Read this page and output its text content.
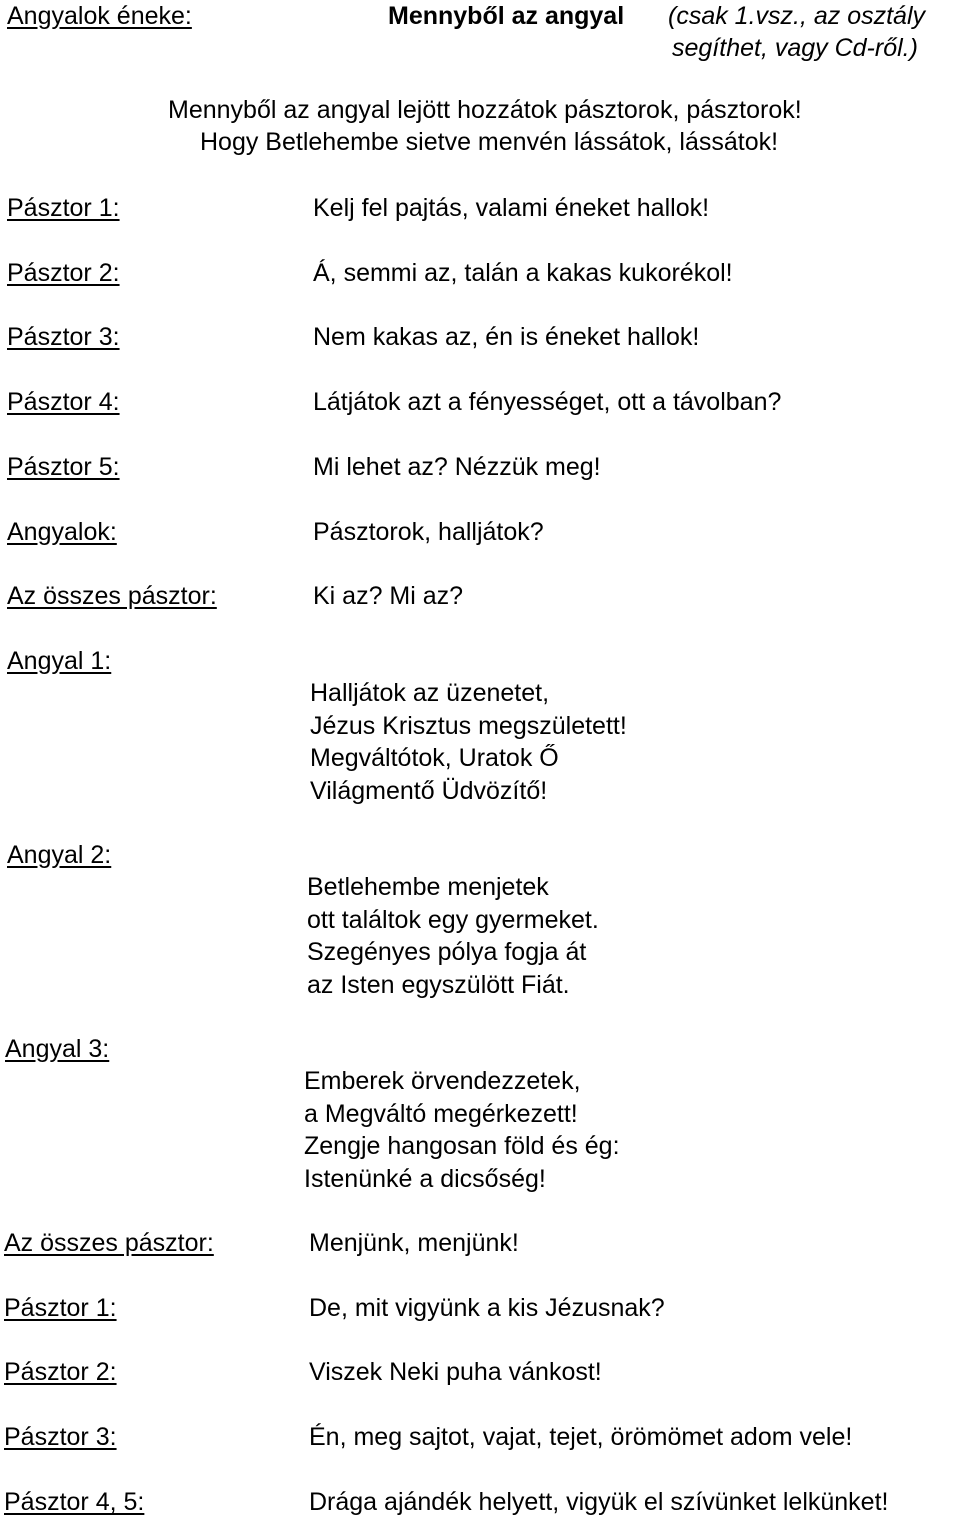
Angyalok éneke:	Mennyből az angyal (csak 1.vsz., az osztály
segíthet, vagy Cd-ről.)
Mennyből az angyal lejött hozzátok pásztorok, pásztorok!
Hogy Betlehembe sietve menvén lássátok, lássátok!
Pásztor 1:	Kelj fel pajtás, valami éneket hallok!
Pásztor 2:	Á, semmi az, talán a kakas kukorékol!
Pásztor 3:	Nem kakas az, én is éneket hallok!
Pásztor 4:	Látjátok azt a fényességet, ott a távolban?
Pásztor 5:	Mi lehet az? Nézzük meg!
Angyalok:	Pásztorok, halljátok?
Az összes pásztor:	Ki az? Mi az?
Angyal 1:
Halljátok az üzenetet,
Jézus Krisztus megszületett!
Megváltótok, Uratok Ő
Világmentő Üdvözítő!
Angyal 2:
Betlehembe menjetek
ott találtok egy gyermeket.
Szegényes pólya fogja át
az Isten egyszülött Fiát.
Angyal 3:
Emberek örvendezzetek,
a Megváltó megérkezett!
Zengje hangosan föld és ég:
Istenünké a dicsőség!
Az összes pásztor:	Menjünk, menjünk!
Pásztor 1:	De, mit vigyünk a kis Jézusnak?
Pásztor 2:	Viszek Neki puha vánkost!
Pásztor 3:	Én, meg sajtot, vajat, tejet, örömömet adom vele!
Pásztor 4, 5:	Drága ajándék helyett, vigyük el szívünket lelkünket!
